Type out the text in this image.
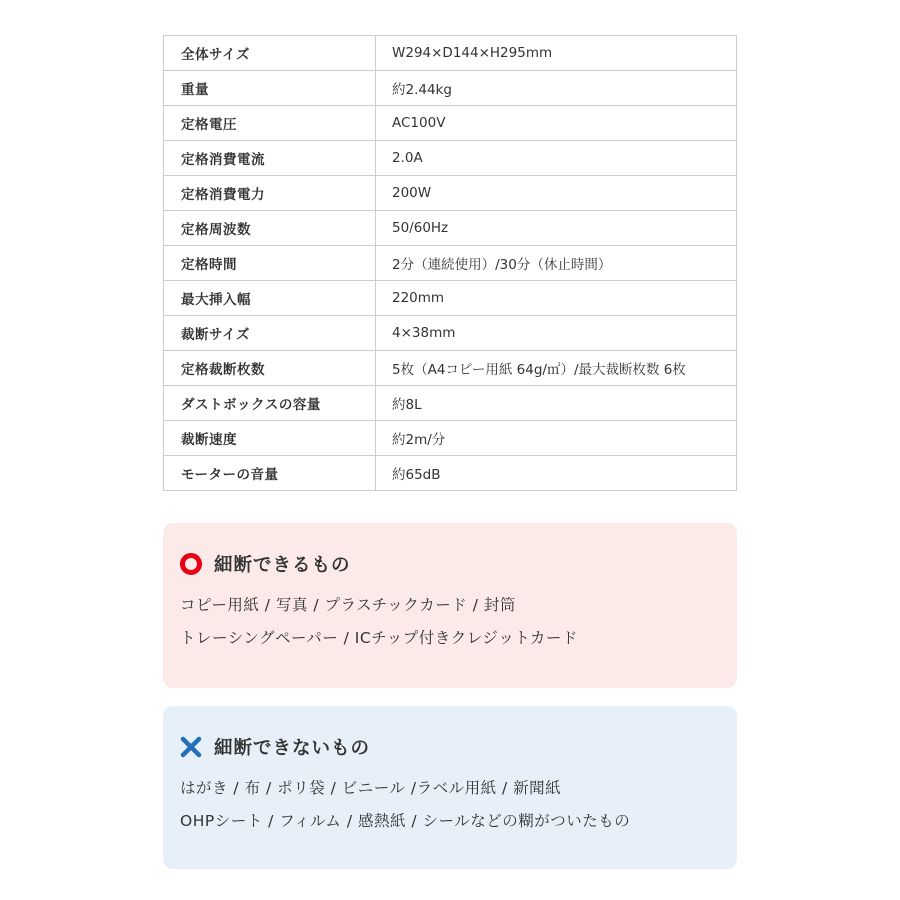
全体サイズ	W294×D144×H295mm
重量	約2.44kg
定格電圧	AC100V
定格消費電流	2.0A
定格消費電力	200W
定格周波数	50/60Hz
定格時間	2分（連続使用）/30分（休止時間）
最大挿入幅	220mm
裁断サイズ	4×38mm
定格裁断枚数	5枚（A4コピー用紙 64g/㎡）/最大裁断枚数 6枚
ダストボックスの容量	約8L
裁断速度	約2m/分
モーターの音量	約65dB
細断できるもの
コピー用紙 / 写真 / プラスチックカード / 封筒
トレーシングペーパー / ICチップ付きクレジットカード
細断できないもの
はがき / 布 / ポリ袋 / ビニール /ラベル用紙 / 新聞紙
OHPシート / フィルム / 感熱紙 / シールなどの糊がついたもの
